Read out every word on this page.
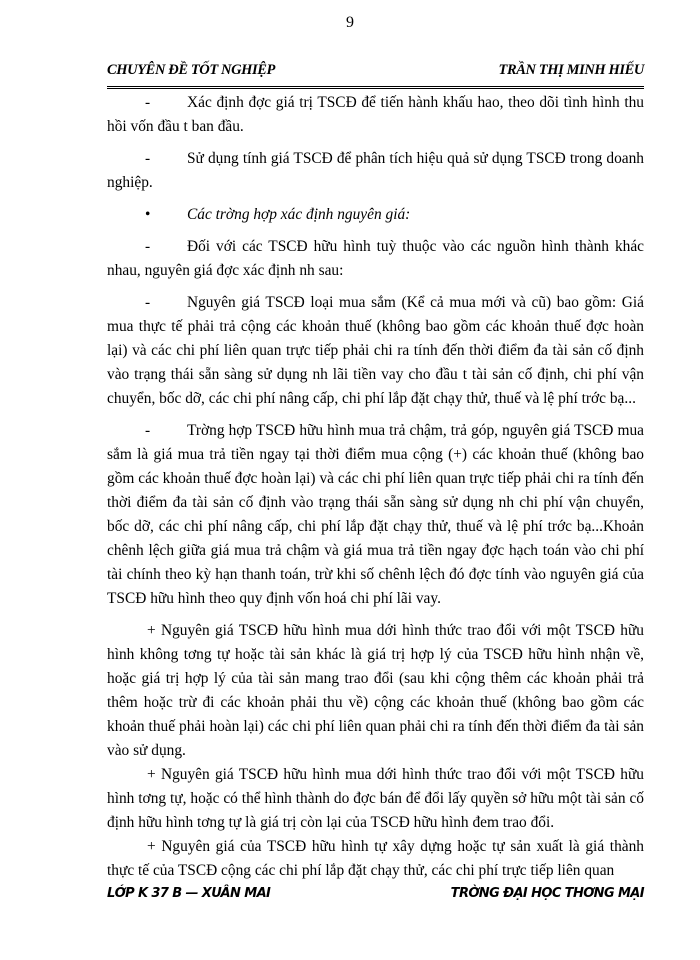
9
CHUYÊN ĐỀ TỐT NGHIỆP	TRẦN THỊ MINH HIẾU

- Xác định đợc giá trị TSCĐ để tiến hành khấu hao, theo dõi tình hình thu hồi vốn đầu t ban đầu.

- Sử dụng tính giá TSCĐ để phân tích hiệu quả sử dụng TSCĐ trong doanh nghiệp.

• Các trờng hợp xác định nguyên giá:

- Đối với các TSCĐ hữu hình tuỳ thuộc vào các nguồn hình thành khác nhau, nguyên giá đợc xác định nh sau:

- Nguyên giá TSCĐ loại mua sắm (Kể cả mua mới và cũ) bao gồm: Giá mua thực tế phải trả cộng các khoản thuế (không bao gồm các khoản thuế đợc hoàn lại) và các chi phí liên quan trực tiếp phải chi ra tính đến thời điểm đa tài sản cố định vào trạng thái sẵn sàng sử dụng nh lãi tiền vay cho đầu t tài sản cố định, chi phí vận chuyển, bốc dỡ, các chi phí nâng cấp, chi phí lắp đặt chạy thử, thuế và lệ phí trớc bạ...

- Trờng hợp TSCĐ hữu hình mua trả chậm, trả góp, nguyên giá TSCĐ mua sắm là giá mua trả tiền ngay tại thời điểm mua cộng (+) các khoản thuế (không bao gồm các khoản thuế đợc hoàn lại) và các chi phí liên quan trực tiếp phải chi ra tính đến thời điểm đa tài sản cố định vào trạng thái sẵn sàng sử dụng nh chi phí vận chuyển, bốc dỡ, các chi phí nâng cấp, chi phí lắp đặt chạy thử, thuế và lệ phí trớc bạ...Khoản chênh lệch giữa giá mua trả chậm và giá mua trả tiền ngay đợc hạch toán vào chi phí tài chính theo kỳ hạn thanh toán, trừ khi số chênh lệch đó đợc tính vào nguyên giá của TSCĐ hữu hình theo quy định vốn hoá chi phí lãi vay.

+ Nguyên giá TSCĐ hữu hình mua dới hình thức trao đổi với một TSCĐ hữu hình không tơng tự hoặc tài sản khác là giá trị hợp lý của TSCĐ hữu hình nhận về, hoặc giá trị hợp lý của tài sản mang trao đổi (sau khi cộng thêm các khoản phải trả thêm hoặc trừ đi các khoản phải thu về) cộng các khoản thuế (không bao gồm các khoản thuế phải hoàn lại) các chi phí liên quan phải chi ra tính đến thời điểm đa tài sản vào sử dụng.

+ Nguyên giá TSCĐ hữu hình mua dới hình thức trao đổi với một TSCĐ hữu hình tơng tự, hoặc có thể hình thành do đợc bán để đổi lấy quyền sở hữu một tài sản cố định hữu hình tơng tự là giá trị còn lại của TSCĐ hữu hình đem trao đổi.

+ Nguyên giá của TSCĐ hữu hình tự xây dựng hoặc tự sản xuất là giá thành thực tế của TSCĐ cộng các chi phí lắp đặt chạy thử, các chi phí trực tiếp liên quan

LỚP K 37 B — XUÂN MAI	TRỜNG ĐẠI HỌC THƠNG MẠI
